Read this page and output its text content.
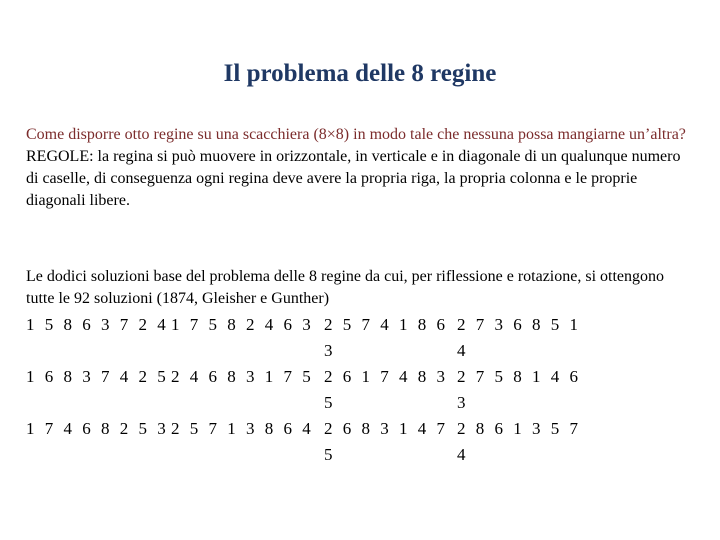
Il problema delle 8 regine

Come disporre otto regine su una scacchiera (8×8) in modo tale che nessuna possa mangiarne un’altra?

REGOLE: la regina si può muovere in orizzontale, in verticale e in diagonale di un qualunque numero di caselle, di conseguenza ogni regina deve avere la propria riga, la propria colonna e le proprie diagonali libere.

Le dodici soluzioni base del problema delle 8 regine da cui, per riflessione e rotazione, si ottengono tutte le 92 soluzioni (1874, Gleisher e Gunther)

1 5 8 6 3 7 2 4 1 7 5 8 2 4 6 3 2 5 7 4 1 8 6 3
2 7 3 6 8 5 1 4
1 6 8 3 7 4 2 5 2 4 6 8 3 1 7 5 2 6 1 7 4 8 3 5
2 7 5 8 1 4 6 3
1 7 4 6 8 2 5 3 2 5 7 1 3 8 6 4 2 6 8 3 1 4 7 5
2 8 6 1 3 5 7 4
